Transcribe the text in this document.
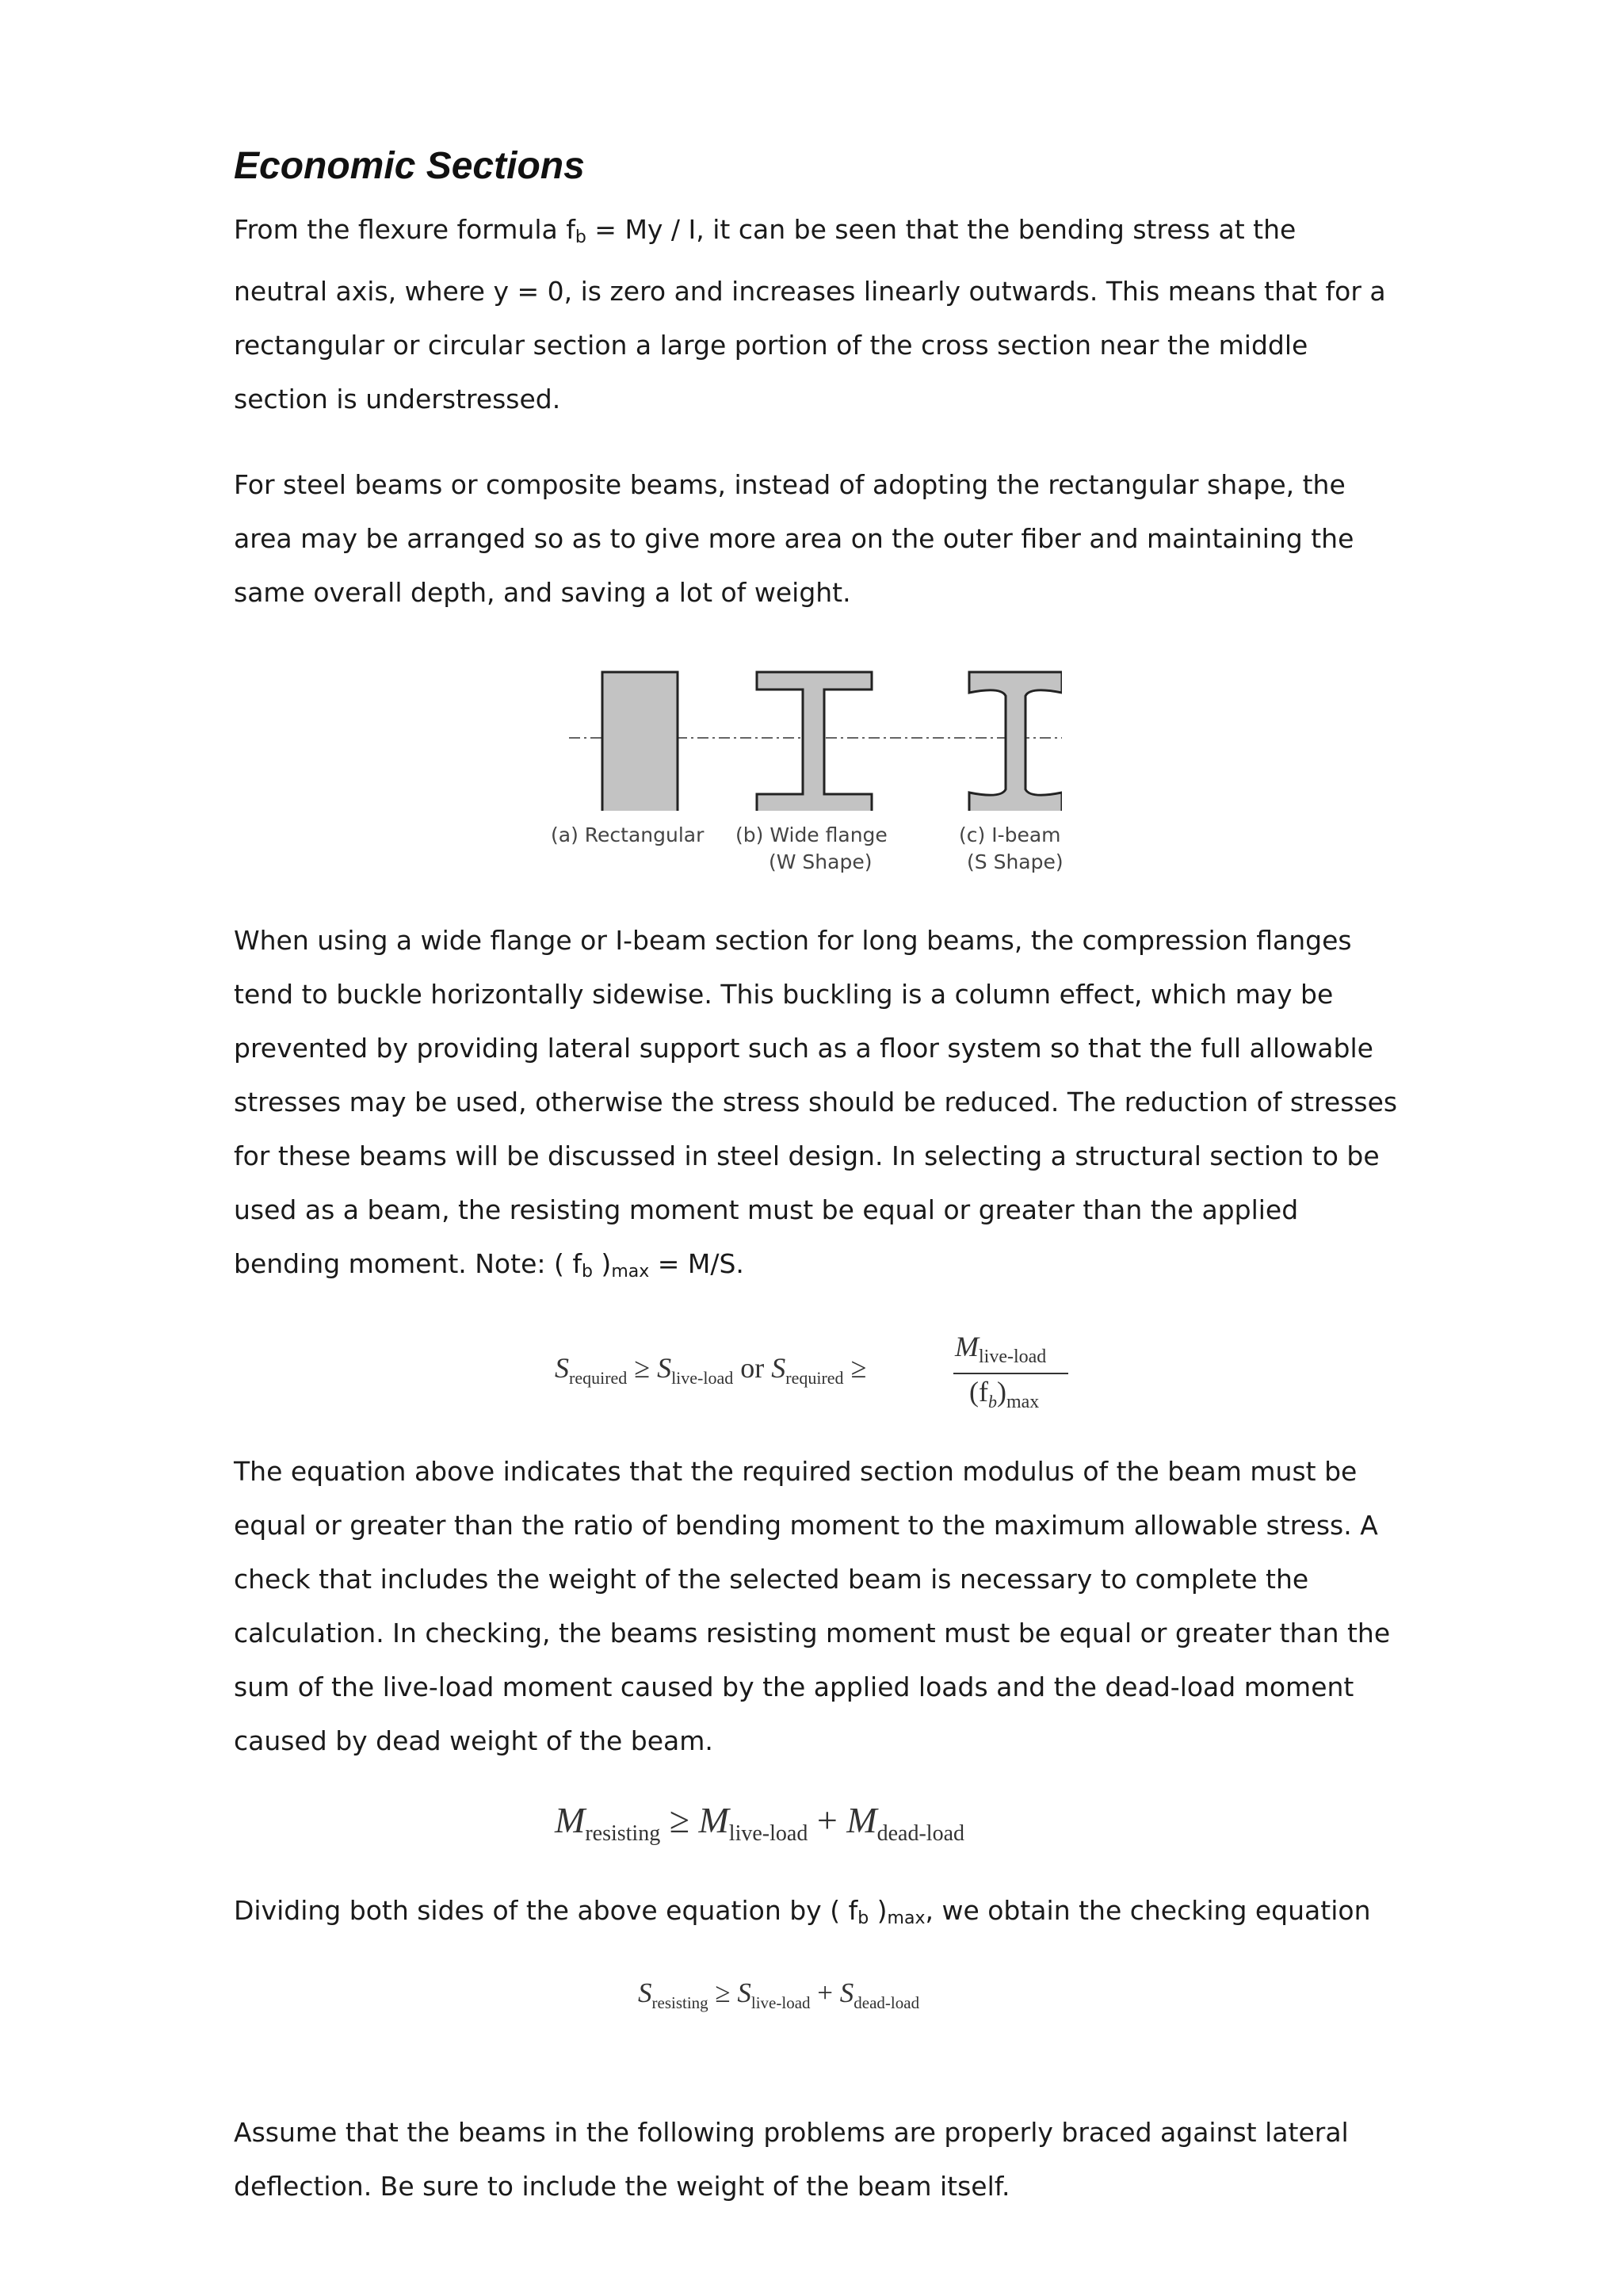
Economic Sections

From the flexure formula $f_b = My / I$, it can be seen that the bending stress at the
neutral axis, where y = 0, is zero and increases linearly outwards. This means that for a
rectangular or circular section a large portion of the cross section near the middle
section is understressed.

For steel beams or composite beams, instead of adopting the rectangular shape, the
area may be arranged so as to give more area on the outer fiber and maintaining the
same overall depth, and saving a lot of weight.

(a) Rectangular (b) Wide flange
(W Shape)
(c) I-beam
(S Shape)

When using a wide flange or I-beam section for long beams, the compression flanges
tend to buckle horizontally sidewise. This buckling is a column effect, which may be
prevented by providing lateral support such as a floor system so that the full allowable
stresses may be used, otherwise the stress should be reduced. The reduction of stresses
for these beams will be discussed in steel design. In selecting a structural section to be
used as a beam, the resisting moment must be equal or greater than the applied
bending moment. Note: ( $f_b$ )$_{max} = M/S$.

$S_{required} \ge S_{live-load}$ or $S_{required}$ ≥
$M_{live-load}$
$(f_b)_{max}$

The equation above indicates that the required section modulus of the beam must be
equal or greater than the ratio of bending moment to the maximum allowable stress. A
check that includes the weight of the selected beam is necessary to complete the
calculation. In checking, the beams resisting moment must be equal or greater than the
sum of the live-load moment caused by the applied loads and the dead-load moment
caused by dead weight of the beam.

$M_{resisting} \ge M_{live-load} + M_{dead-load}$

Dividing both sides of the above equation by ( $f_b$ )$_{max}$, we obtain the checking equation

$S_{resisting} \ge S_{live-load} + S_{dead-load}$

Assume that the beams in the following problems are properly braced against lateral
deflection. Be sure to include the weight of the beam itself.
